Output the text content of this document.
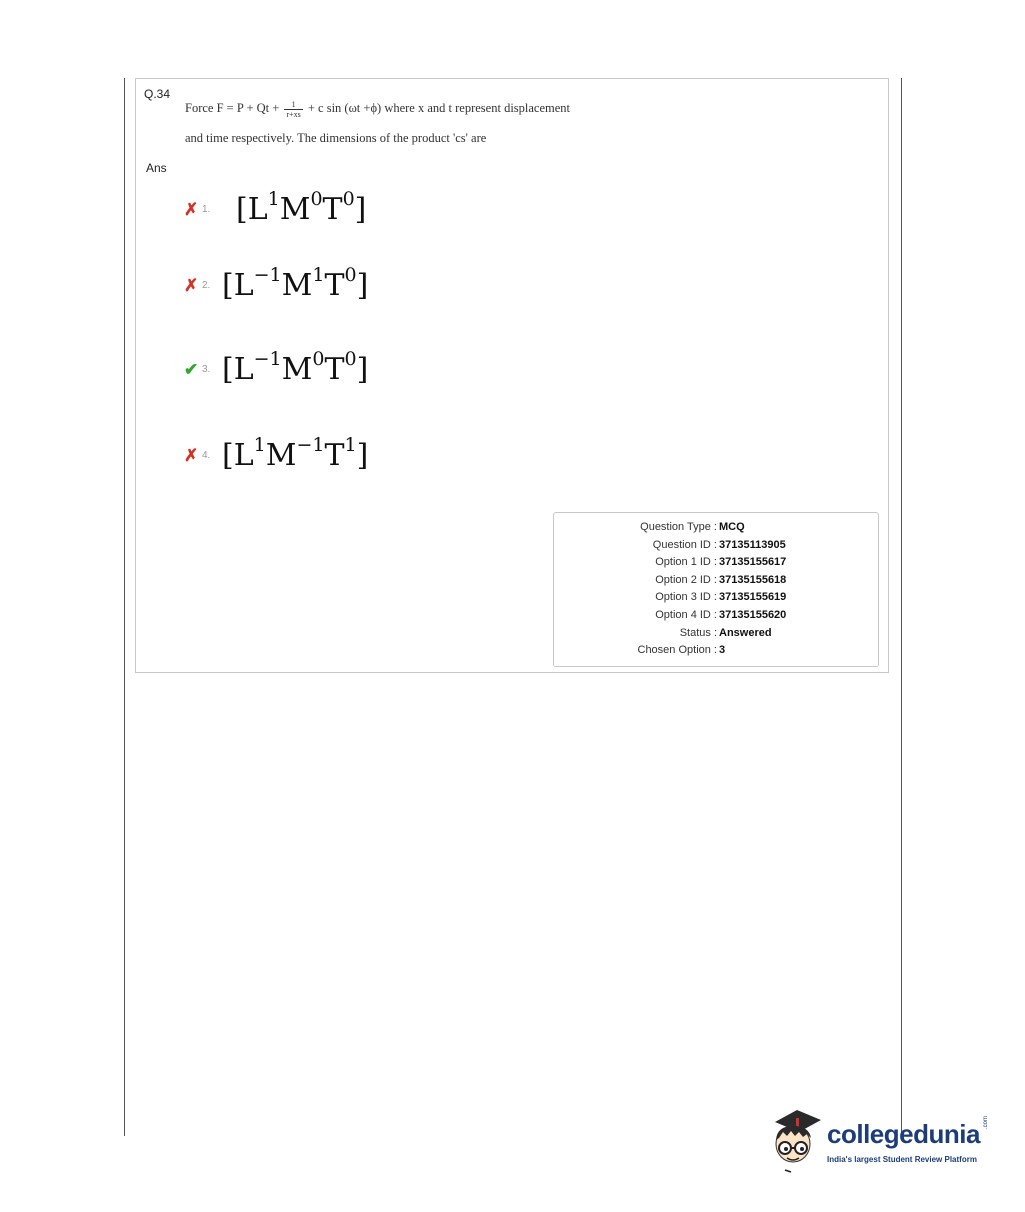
Q.34
Force $F = P + Qt + \frac{1}{r+xs} + c$ sin (ωt +ϕ) where x and t represent displacement
and time respectively. The dimensions of the product 'cs' are
Ans
✗ 1. $[L^1M^0T^0]$
✗ 2. $[L^{-1}M^1T^0]$
✔ 3. $[L^{-1}M^0T^0]$
✗ 4. $[L^1M^{-1}T^1]$
Question Type : MCQ
Question ID : 37135113905
Option 1 ID : 37135155617
Option 2 ID : 37135155618
Option 3 ID : 37135155619
Option 4 ID : 37135155620
Status : Answered
Chosen Option : 3
collegedunia .com
India's largest Student Review Platform
